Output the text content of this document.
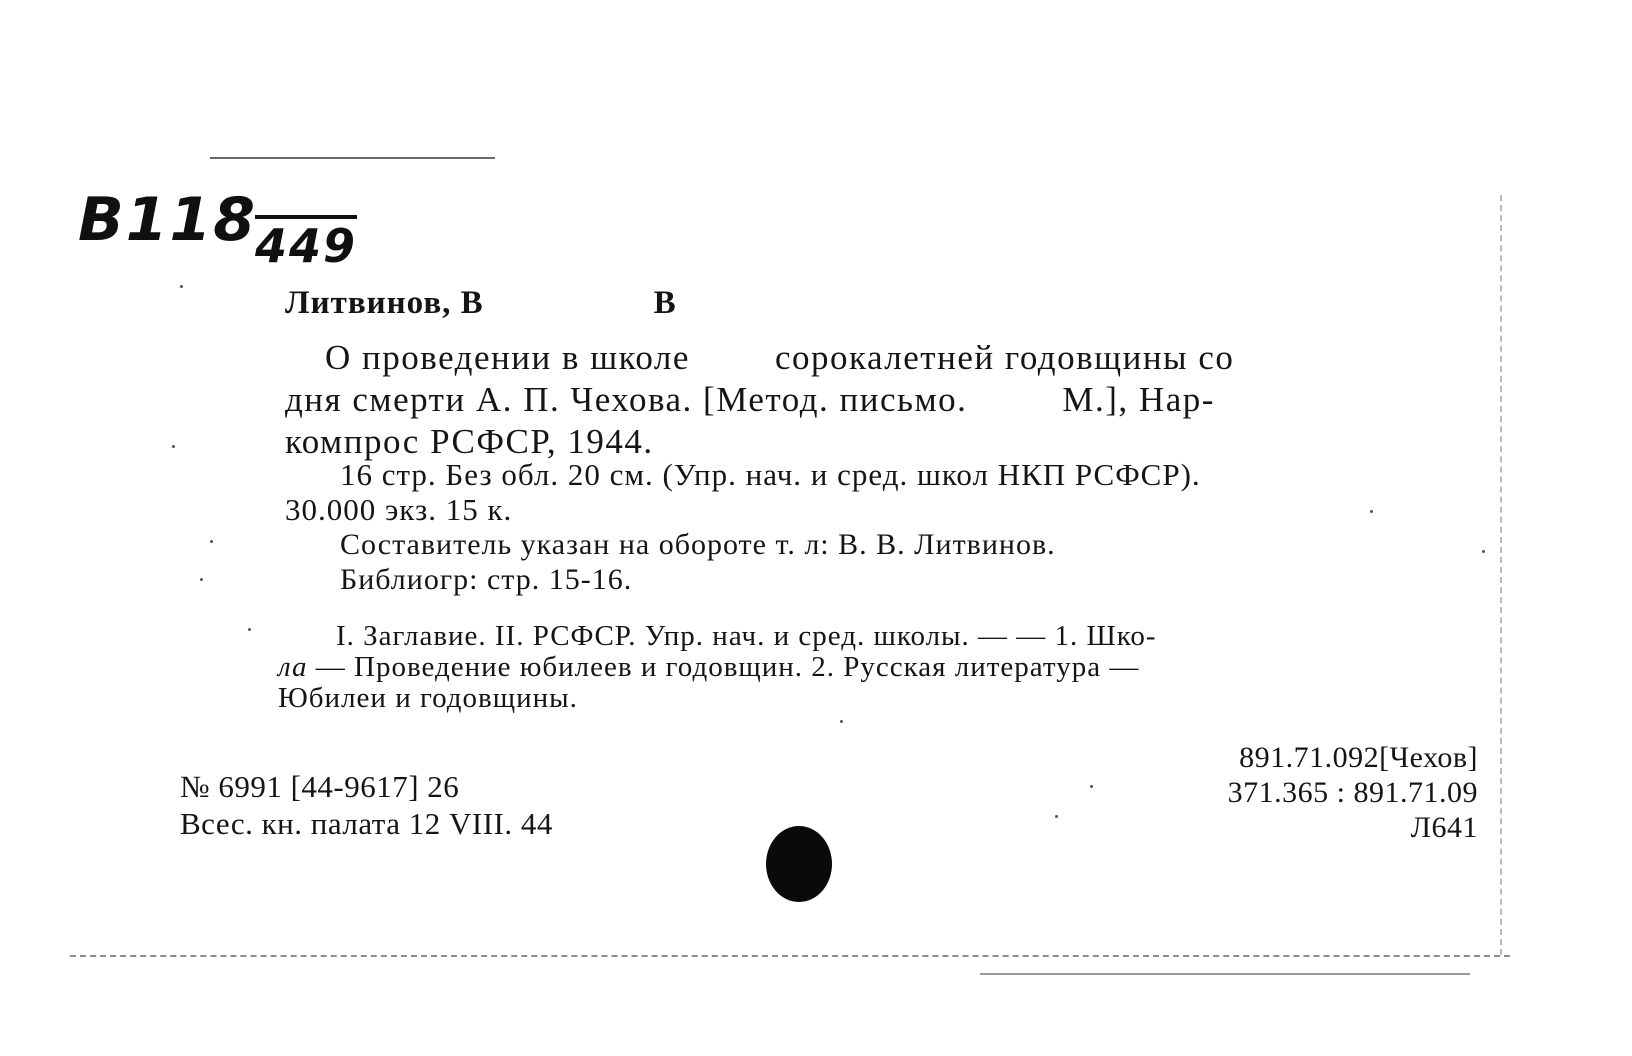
В118449
Литвинов, В	В
О проведении в школе сорокалетней годовщины со
дня смерти А. П. Чехова. [Метод. письмо.	М.], Нар-
компрос РСФСР, 1944.
16 стр. Без обл. 20 см. (Упр. нач. и сред. школ НКП РСФСР).
30.000 экз. 15 к.
Составитель указан на обороте т. л: В. В. Литвинов.
Библиогр: стр. 15-16.
I. Заглавие. II. РСФСР. Упр. нач. и сред. школы. — — 1. Шко-
ла — Проведение юбилеев и годовщин. 2. Русская литература —
Юбилеи и годовщины.
№ 6991 [44-9617] 26
Всес. кн. палата 12 VIII. 44
891.71.092[Чехов]
371.365 : 891.71.09
Л641
